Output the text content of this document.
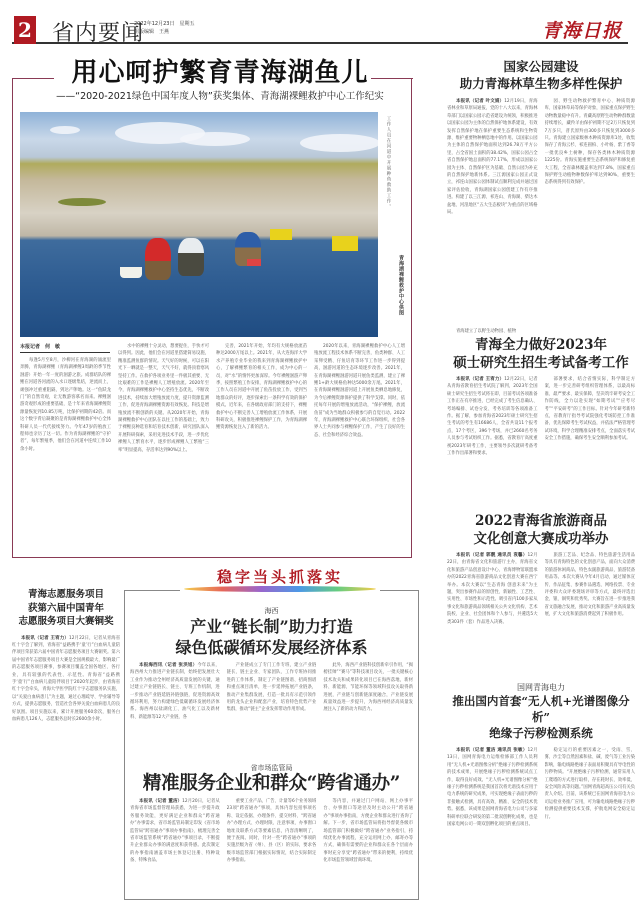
2 省内要闻
2022年12月23日　星期五
组版编辑　王燕	青海日报
用心呵护繁育青海湖鱼儿
——“2020-2021绿色中国年度人物”获奖集体、青海湖裸鲤救护中心工作纪实
工作人员在河道中开展种鱼救助工作。
青海湖裸鲤救护中心供图
本报记者　何　敏

每逢5月至8月，沙柳河在青海湖的涌流里奔腾，青海湖裸鲤（青海湖裸鲤3周龄的季节性洄游）开始一年一度的洄游之旅。成群结队的裸鲤在河道各河流的入水口逐级集结，逆流而上，顽强冲过重重阻隔，到达产卵地。这一“鱼跃龙门”的自然奇观，让无数游客慕名而来。裸鲤洄游奇观形成的重要基础，是十年来青海湖裸鲤资源量恢复到10.85万吨，比保护初期的42倍。而这个数字背后凝聚的是青海湖裸鲤救护中心全体科研人员一代代接续努力。今年47岁的殖放工程师也亲历了这一切。作为青海湖裸鲤的“守护者”，每年繁殖季，他们会在河道中连续工作10余小时。

水中的裸鲤十分灵动，想要捉住，手快才可以得到。因此，他们会在河道里搭建简易设施，精准监测鱼群的情况。天气好的时候，可以在阳光下一晒就是一整天，天气不好，就得顶着寒风坚持工作。在救护各项业务里一件极其重要、无比艰难的工作是裸鲤人工增殖放流。2020年至今，青海湖裸鲤救护中心坚持生态优先，不断改进技术，持续加大增殖放流力度，提升资源监测工作，促进青海湖裸鲤资源有效恢复。科技是增殖放流不断创新的关键。从2020年开始，青海湖裸鲤救护中心团队在以往工作的基础上，致力于裸鲤良种选育和培育技术创新，研究团队深入开展科研探索，采用先进技术手段，进一步优化裸鲤人工繁育水平，逐步形成裸鲤人工繁殖“三率”明显提高，存活率达到90%以上。

完善，2021年开始，年均有大规格放流苗种达2000万尾以上。2021年，从大连海洋大学水产养殖专业毕业的我来到青海湖裸鲤救护中心，了解裸鲤繁育的相关工作，成为中心的一员，对“水”的情怀更加深厚。今年裸鲤洄游产卵季，按照繁殖工作安排，青海湖裸鲤救护中心的工作人员在河道中开展了鱼苗投放工作，受到当地群众的好评，逐步探索出一条科学有效的保护模式。近年来，在各级政府部门的支持下，裸鲤救护中心不断完善人工增殖放流工作体系，开展科研攻关，积极推进裸鲤保护工作，为青海湖裸鲤资源恢复注入了新的活力。

2020年以来，青海湖裸鲤救护中心人工增殖放流工程技术体系不断完善，鱼类种群、人工采卵受精、仔鱼培育等环节工作进一步得到提高，洄游河道的生态环境逐步改善。2021年，在青海湖裸鲤洄游河道开展鱼类监测，建立了裸鲤1+龄大规格鱼种达5000余万尾。2021年，在青海湖裸鲤洄游河道上开展鱼类栖息地修复，为今后裸鲤资源保护提供了科学支撑。同时，依托每年开展的增殖放流活动，“保护裸鲤，放流鱼苗”成为当地群众积极参与的自觉行动。2022年，青海湖裸鲤救护中心联合环保组织、社会各界人士共同参与裸鲤保护工作，产生了良好的生态、社会和经济综合效益。

国家公园建设
助力青海林草生物多样性保护

本报讯（记者 叶文娟）12月19日，青海省林业和草原局通报，党的十八大以来，青海林草部门以国家公园示范省建设为统领，积极推进以国家公园为主体的自然保护地体系建设，有效发挥自然保护地在保护重要生态系统和生物资源、维护重要物种栖息地中的作用。以国家公园为主体的自然保护地面积达到26.78万平方公里，占全省国土面积的38.42%，国家公园占全省自然保护地总面积的77.17%，形成以国家公园为主体、自然保护区为基础、自然公园为补充的自然保护地新体系。三江源国家公园正式设立，祁连山国家公园体制试点顺利完成并通过国家评估验收，青海湖国家公园创建工作有序推进。构建了以三江源、祁连山、青海湖、柴达木盆地、河湟地区“五大生态板块”为重点的区域格局。

园、野生动物救护繁育中心、种质资源库、国家林草局等保护对象，国家重点保护野生动物数量稳中有升。青藏高原野生动物种群数量持续增长，藏羚羊由保护初期不足2万只恢复到7万多只，普氏原羚由300多只恢复到3000多只。青海建立国家级林木种质资源库1处，收集保存了青海云杉、祁连圆柏、小叶杨、紫丁香等一批优良乡土树种，保存各类林木种质资源1225份。青海实施重要生态系统保护和修复重大工程，全省森林覆盖率达到7.8%，国家重点保护野生动植物种数保护率达到90%，重要生态系统得到有效保护。

青海建立了以野生动物园、植物

青海全力做好2023年
硕士研究生招生考试备考工作

本报讯（记者 王宥力）12月22日，记者从青海省教育招生考试院了解到，2023年全国硕士研究生招生考试将在即，目前考试各项准备工作正在有序推进，已经完成了考生信息确认、考场编排、试卷分发、考务培训等各项准备工作。据了解，参加青海省2023年硕士研究生招生考试的考生有16686人，全省共设11个报考点，17个考区，396个考场，并已2660名考务人员参与考试组织工作。据悉，省教育厅高度重视2023年研考工作，主要领导多次就研考备考工作作出部署和要求。

部署要求，结合省情实际，科学制定方案，进一步完善研考组织管理体系，以最高标准、最严要求、最实保障，坚决筑牢研考安全工作防线，全力以赴实现“如期考试”“应考尽考”“平安研考”的工作目标。针对今年研考新特点，省教育厅指导考试院强化考场防控工作准备，优先保障考生考试权益，并依法严格管理考试环境，科学合理精准安排考点，全面落实考试安全工作措施，确保考生安全顺利参加考试。

2022青海省旅游商品
文化创意大赛成功举办

本报讯（记者 郭靓 通讯员 袁馨）12月22日，由青海省文化和旅游厅主办，青海省文化和旅游产品创意设计中心、青海博物馆联盟承办的2022青海省旅游商品文化创意大赛在西宁举办。本次大赛以“生态青海 创意未来”为主题，突出参赛作品的原创性、新颖性、工艺性、实用性、市场性和示范性。吸引省内100多家从事文化和旅游商品领域相关公共文化机构、艺术院校、企业、社会团体和个人参与，共遴选5大类303件（套）作品进入决赛。

旅游工艺品、纪念品、特色旅游生活用品等具有青海特色的文化创意产品，面向大众消费的旅游休闲商品，特色农副旅游商品，旅游装备用品等。本次大赛从今年4月启动，通过媒体宣传、作品征集、参赛作品遴选、网络投票、专业评委和大众评委现场评审等方式，最终评选出金、银、铜奖和优秀奖。大赛旨在进一步推进我省文旅融合发展，推动文化和旅游产业高质量发展，扩大文化和旅游消费起到了积极作用。

国网青海电力
推出国内首套“无人机+光谱图像分析”
绝缘子污秽检测系统

本报讯（记者 董洁 通讯员 张敏）12月13日，国网青海电力运维检修部工作人员利用“无人机+光谱图像分析”绝缘子污秽检测系统的技术成果，开展绝缘子污秽检测系统试点工作，取得良好成效。“无人机+光谱图像分析”绝缘子污秽检测系统是我国首次将光谱技术应用于电力系统的研究成果，可实现绝缘子表面污秽的非接触式检测，具有高效、精准、安全的技术优势。据悉，该成果是国网青海省电力公司与多家科研单位联合研发的第二批双创孵化成果，也是国家电网公司一期双创孵化项目的重点项目。

稳定运行的重要因素之一，受雨、雪、雾、沙尘等自然因素和盐、碱、废气等工业污染影响，输电线路绝缘子表面易积聚具有导电性的污秽物质。“开展绝缘子污秽检测，通常采用人工爬塔的方式进行取样，存在耗时长、效率低、安全风险高等问题。”国网青海超高压公司有关负责人介绍。目前，该系统已在国网青海省电力公司运检业务推广应用，可为输电线路绝缘子污秽检测提供重要技术支撑，护航电网安全稳定运行。

青海志愿服务项目
获第六届中国青年
志愿服务项目大赛铜奖

本报讯（记者 王宥力）12月22日，记者从青海省红十字会了解到，青海省“益路携手‘童’行”白血病儿童陪伴项目荣获第六届中国青年志愿服务项目大赛铜奖。第六届中国青年志愿服务项目大赛是全国规模最大、影响最广的志愿服务项目赛事，参赛项目覆盖全国各地区、各行业，具有较强的代表性、示范性。青海省“益路携手‘童’行”白血病儿童陪伴项目于2020年起步，由青海省红十字会牵头，青海大学医学院红十字志愿服务队实施，以“关爱白血病患儿”为主题，通过心理疏导、学业辅导等方式，提供志愿服务，营造社会各界关爱白血病患儿的良好氛围。项目实施以来，累计开展服务60余次，服务白血病患儿126人，志愿服务总时长2600余小时。

稳字当头抓落实
海西
产业“链长制”助力打造
绿色低碳循环发展经济体系

本报海西讯（记者 张洪旭）今年以来，海西州大力推进产业链长制，始终把发展壮大工业作为推动全州经济高质量发展的关键，通过建立产业链链长、链主、专班工作机制，进一步推动产业链延链补链强链，促进资源高效循环利用，努力构建绿色低碳循环发展经济体系。海西州以盐湖化工、油气化工以及新材料、新能源等12大产业链，各

产业链成立了专门工作专班，建立产业链链长、链主企业、专家团队、工作专班协同推进的工作体系，制定了产业链图谱、招商图谱和重点项目清单，进一步延伸拓展产业链条，推动产业集群发展，打造一批具有示范引领作用的龙头企业和配套产业，培育特色优势产业集群，推动“链主”企业发挥带动作用形成。

此外，海西产业链科技创新牵引作用，“揭榜挂帅”“赛马”等科技项目攻关，一批关键核心技术攻关和成果转化项目已在海西落地，新材料、新能源、节能环保等领域科技攻关取得新进展，产业链与创新链深度融合，产业链发展质量效益进一步提升，为海西州经济高质量发展注入了新的动力和活力。

省市场监管局
精准服务企业和群众“跨省通办”

本报讯（记者 董洁）12月20日，记者从青海省市场监督管理局获悉，为进一步提升政务服务效能，更好满足企业和群众“跨省通办”办事需求，省市场监管局制定印发《省市场监管局“跨省通办”事项办事指南》，梳理完善全省市场监管系统“跨省通办”事项目录，不断提升企业群众办事的满意度和获得感。此次制定的办事指南涵盖市场主体登记注册、特种设备、特殊食品、

重要工业产品、广告、计量等6个业务领域23项“跨省通办”事项，具体内容包括事项名称、设定依据、办理条件、提交材料、“跨省通办”办理方式、办理时限、注意事项、办事窗口地址及联系方式等要素信息，内容清晰明了，便于查阅。同时，针对一些“跨省通办”事项的实施层级为省（州）、县（区）的实际，要求各级市场监管部门根据实际情况，结合实际制定办事指南。

等内容，并通过门户网站、网上办事平台、办事窗口等途径及时主动公开“跨省通办”事项办事指南，方便企业和群众进行查询了解。下一步，省市场监管局将指导督促各级市场监管部门积极做好“跨省通办”业务指引，持续优化办事流程，充分运用网上办、邮寄办等方式，确保有需要的企业和群众在各个层面办事时充分享受“跨省通办”带来的便利，持续优化市场监管领域营商环境。
